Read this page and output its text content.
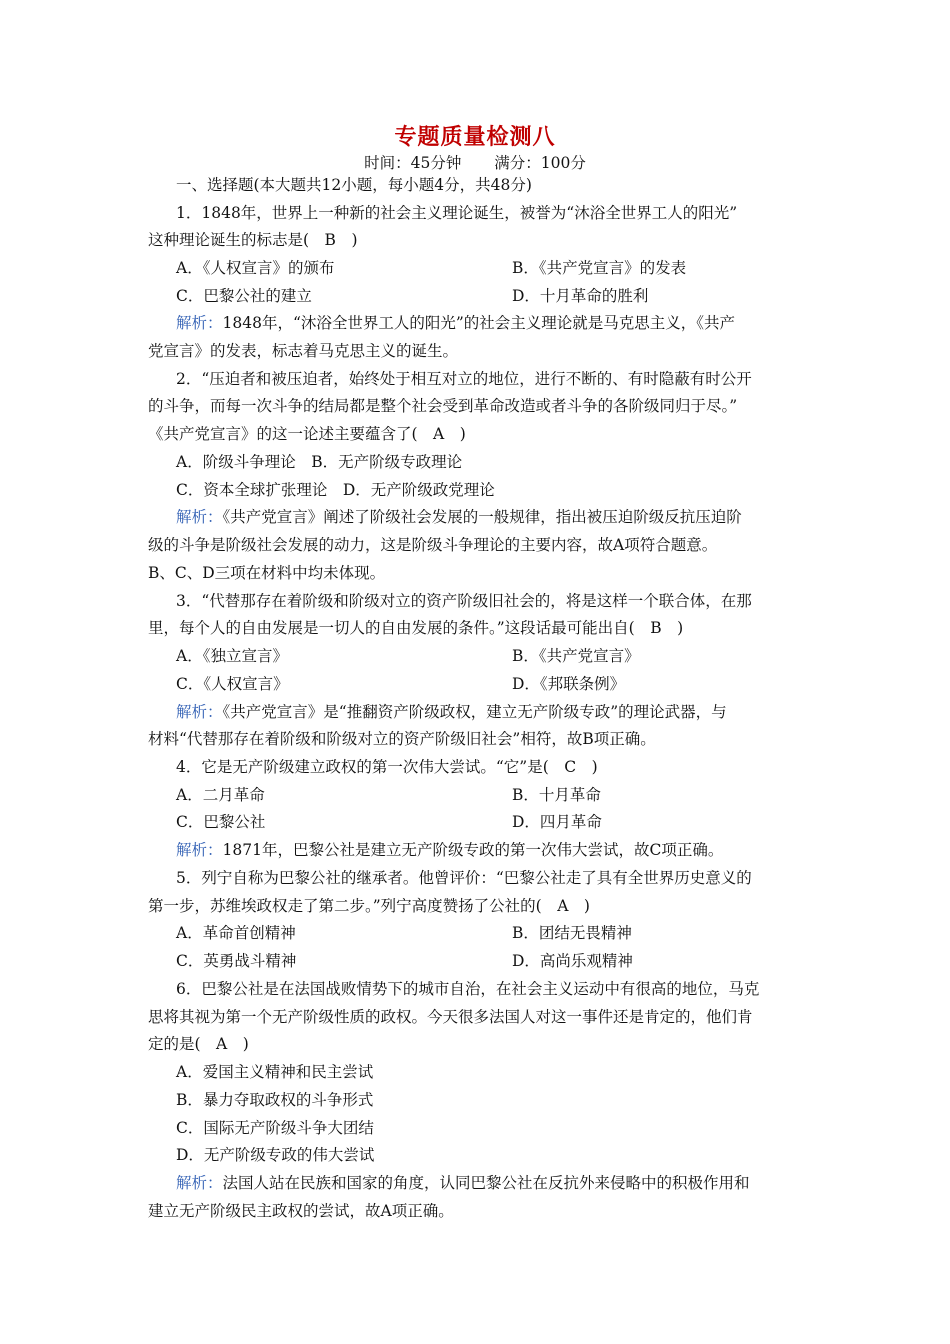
专题质量检测八
时间：45分钟 满分：100分
一、选择题(本大题共12小题，每小题4分，共48分)
1．1848年，世界上一种新的社会主义理论诞生，被誉为“沐浴全世界工人的阳光”
这种理论诞生的标志是(　B　)
A．《人权宣言》的颁布	B．《共产党宣言》的发表
C．巴黎公社的建立	D．十月革命的胜利
解析：1848年，“沐浴全世界工人的阳光”的社会主义理论就是马克思主义，《共产
党宣言》的发表，标志着马克思主义的诞生。
2．“压迫者和被压迫者，始终处于相互对立的地位，进行不断的、有时隐蔽有时公开
的斗争，而每一次斗争的结局都是整个社会受到革命改造或者斗争的各阶级同归于尽。”
《共产党宣言》的这一论述主要蕴含了(　A　)
A．阶级斗争理论　B．无产阶级专政理论
C．资本全球扩张理论　D．无产阶级政党理论
解析：《共产党宣言》阐述了阶级社会发展的一般规律，指出被压迫阶级反抗压迫阶
级的斗争是阶级社会发展的动力，这是阶级斗争理论的主要内容，故A项符合题意。
B、C、D三项在材料中均未体现。
3．“代替那存在着阶级和阶级对立的资产阶级旧社会的，将是这样一个联合体，在那
里，每个人的自由发展是一切人的自由发展的条件。”这段话最可能出自(　B　)
A．《独立宣言》	B．《共产党宣言》
C．《人权宣言》	D．《邦联条例》
解析：《共产党宣言》是“推翻资产阶级政权，建立无产阶级专政”的理论武器，与
材料“代替那存在着阶级和阶级对立的资产阶级旧社会”相符，故B项正确。
4．它是无产阶级建立政权的第一次伟大尝试。“它”是(　C　)
A．二月革命	B．十月革命
C．巴黎公社	D．四月革命
解析：1871年，巴黎公社是建立无产阶级专政的第一次伟大尝试，故C项正确。
5．列宁自称为巴黎公社的继承者。他曾评价：“巴黎公社走了具有全世界历史意义的
第一步，苏维埃政权走了第二步。”列宁高度赞扬了公社的(　A　)
A．革命首创精神	B．团结无畏精神
C．英勇战斗精神	D．高尚乐观精神
6．巴黎公社是在法国战败情势下的城市自治，在社会主义运动中有很高的地位，马克
思将其视为第一个无产阶级性质的政权。今天很多法国人对这一事件还是肯定的，他们肯
定的是(　A　)
A．爱国主义精神和民主尝试
B．暴力夺取政权的斗争形式
C．国际无产阶级斗争大团结
D．无产阶级专政的伟大尝试
解析：法国人站在民族和国家的角度，认同巴黎公社在反抗外来侵略中的积极作用和
建立无产阶级民主政权的尝试，故A项正确。
